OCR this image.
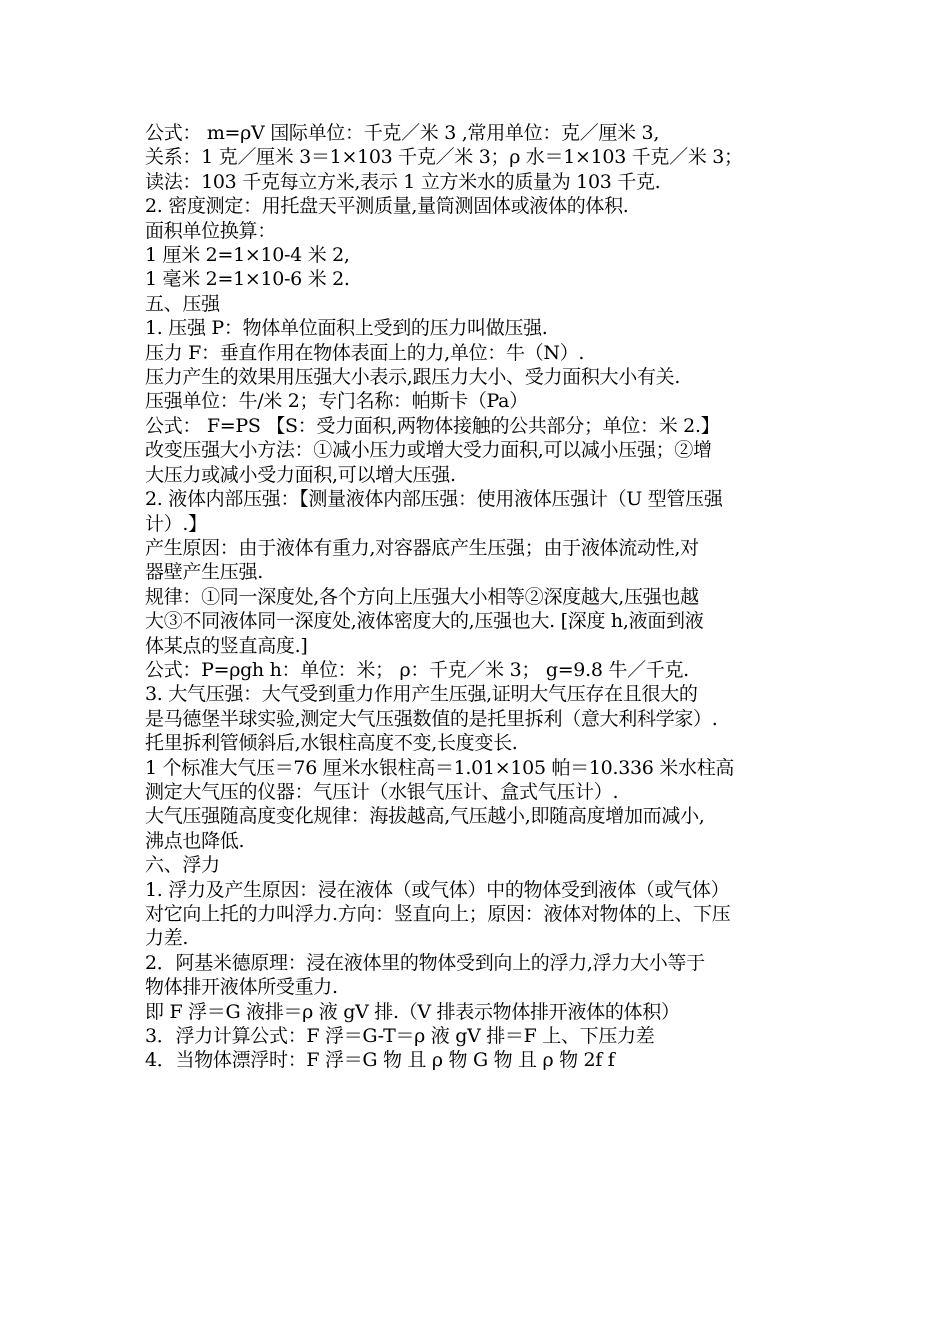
公式： m=ρV 国际单位：千克／米 3 ,常用单位：克／厘米 3,
关系：1 克／厘米 3＝1×103 千克／米 3；ρ 水＝1×103 千克／米 3；
读法：103 千克每立方米,表示 1 立方米水的质量为 103 千克.
2. 密度测定：用托盘天平测质量,量筒测固体或液体的体积.
面积单位换算：
1 厘米 2=1×10-4 米 2,
1 毫米 2=1×10-6 米 2.
五、压强
1. 压强 P：物体单位面积上受到的压力叫做压强.
压力 F：垂直作用在物体表面上的力,单位：牛（N）.
压力产生的效果用压强大小表示,跟压力大小、受力面积大小有关.
压强单位：牛/米 2；专门名称：帕斯卡（Pa）
公式： F=PS 【S：受力面积,两物体接触的公共部分；单位：米 2.】
改变压强大小方法：①减小压力或增大受力面积,可以减小压强；②增
大压力或减小受力面积,可以增大压强.
2. 液体内部压强：【测量液体内部压强：使用液体压强计（U 型管压强
计）.】
产生原因：由于液体有重力,对容器底产生压强；由于液体流动性,对
器壁产生压强.
规律：①同一深度处,各个方向上压强大小相等②深度越大,压强也越
大③不同液体同一深度处,液体密度大的,压强也大. [深度 h,液面到液
体某点的竖直高度.]
公式：P=ρgh h：单位：米； ρ：千克／米 3； g=9.8 牛／千克.
3. 大气压强：大气受到重力作用产生压强,证明大气压存在且很大的
是马德堡半球实验,测定大气压强数值的是托里拆利（意大利科学家）.
托里拆利管倾斜后,水银柱高度不变,长度变长.
1 个标准大气压＝76 厘米水银柱高＝1.01×105 帕＝10.336 米水柱高
测定大气压的仪器：气压计（水银气压计、盒式气压计）.
大气压强随高度变化规律：海拔越高,气压越小,即随高度增加而减小,
沸点也降低.
六、浮力
1. 浮力及产生原因：浸在液体（或气体）中的物体受到液体（或气体）
对它向上托的力叫浮力.方向：竖直向上；原因：液体对物体的上、下压
力差.
2．阿基米德原理：浸在液体里的物体受到向上的浮力,浮力大小等于
物体排开液体所受重力.
即 F 浮＝G 液排＝ρ 液 gV 排.（V 排表示物体排开液体的体积）
3．浮力计算公式：F 浮＝G-T＝ρ 液 gV 排＝F 上、下压力差
4．当物体漂浮时：F 浮＝G 物 且 ρ 物 G 物 且 ρ 物 2f f
